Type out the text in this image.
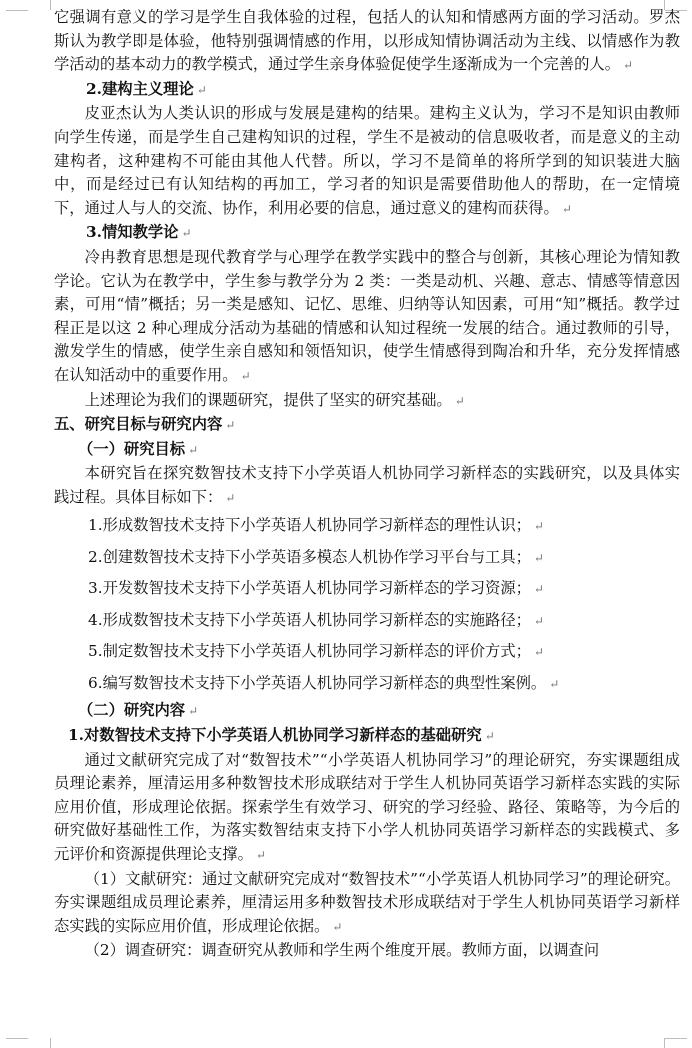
它强调有意义的学习是学生自我体验的过程，包括人的认知和情感两方面的学习活动。罗杰斯认为教学即是体验，他特别强调情感的作用，以形成知情协调活动为主线、以情感作为教学活动的基本动力的教学模式，通过学生亲身体验促使学生逐渐成为一个完善的人。 ↵

2.建构主义理论 ↵

皮亚杰认为人类认识的形成与发展是建构的结果。建构主义认为，学习不是知识由教师向学生传递，而是学生自己建构知识的过程，学生不是被动的信息吸收者，而是意义的主动建构者，这种建构不可能由其他人代替。所以，学习不是简单的将所学到的知识装进大脑中，而是经过已有认知结构的再加工，学习者的知识是需要借助他人的帮助，在一定情境下，通过人与人的交流、协作，利用必要的信息，通过意义的建构而获得。 ↵

3.情知教学论 ↵

冷冉教育思想是现代教育学与心理学在教学实践中的整合与创新，其核心理论为情知教学论。它认为在教学中，学生参与教学分为 2 类：一类是动机、兴趣、意志、情感等情意因素，可用“情”概括；另一类是感知、记忆、思维、归纳等认知因素，可用“知”概括。教学过程正是以这 2 种心理成分活动为基础的情感和认知过程统一发展的结合。通过教师的引导，激发学生的情感，使学生亲自感知和领悟知识，使学生情感得到陶冶和升华，充分发挥情感在认知活动中的重要作用。 ↵

上述理论为我们的课题研究，提供了坚实的研究基础。 ↵

五、研究目标与研究内容 ↵

（一）研究目标 ↵

本研究旨在探究数智技术支持下小学英语人机协同学习新样态的实践研究，以及具体实践过程。具体目标如下： ↵

1.形成数智技术支持下小学英语人机协同学习新样态的理性认识； ↵

2.创建数智技术支持下小学英语多模态人机协作学习平台与工具； ↵

3.开发数智技术支持下小学英语人机协同学习新样态的学习资源； ↵

4.形成数智技术支持下小学英语人机协同学习新样态的实施路径； ↵

5.制定数智技术支持下小学英语人机协同学习新样态的评价方式； ↵

6.编写数智技术支持下小学英语人机协同学习新样态的典型性案例。 ↵

（二）研究内容 ↵

1.对数智技术支持下小学英语人机协同学习新样态的基础研究 ↵

通过文献研究完成了对“数智技术”“小学英语人机协同学习”的理论研究，夯实课题组成员理论素养，厘清运用多种数智技术形成联结对于学生人机协同英语学习新样态实践的实际应用价值，形成理论依据。探索学生有效学习、研究的学习经验、路径、策略等，为今后的研究做好基础性工作，为落实数智结束支持下小学人机协同英语学习新样态的实践模式、多元评价和资源提供理论支撑。 ↵

（1）文献研究：通过文献研究完成对“数智技术”“小学英语人机协同学习”的理论研究。夯实课题组成员理论素养，厘清运用多种数智技术形成联结对于学生人机协同英语学习新样态实践的实际应用价值，形成理论依据。 ↵

（2）调查研究：调查研究从教师和学生两个维度开展。教师方面，以调查问
